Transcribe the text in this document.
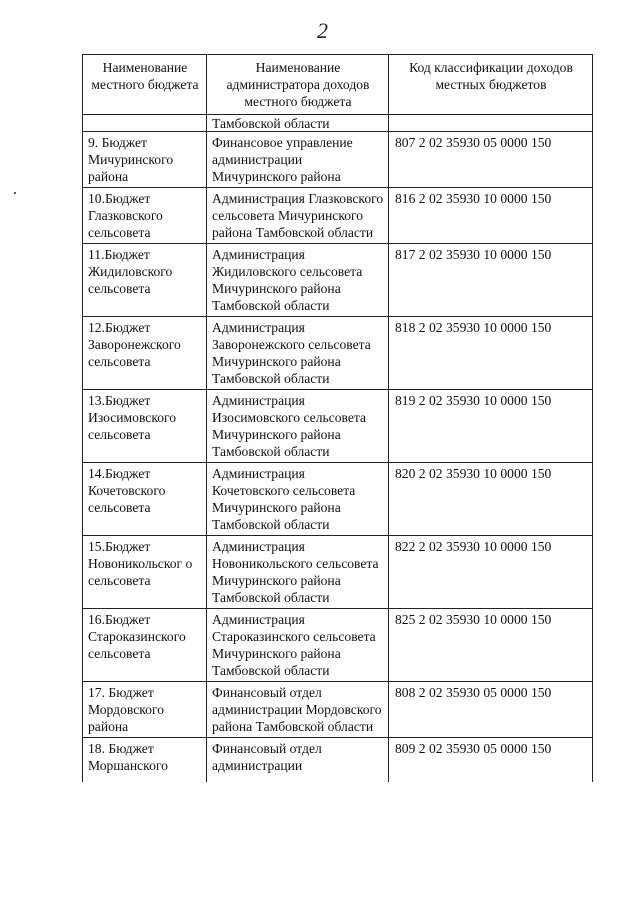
2
Наименование местного бюджета	Наименование администратора доходов местного бюджета	Код классификации доходов местных бюджетов
	Тамбовской области	
9. Бюджет Мичуринского района	Финансовое управление администрации Мичуринского района	807 2 02 35930 05 0000 150
10.Бюджет Глазковского сельсовета	Администрация Глазковского сельсовета Мичуринского района Тамбовской области	816 2 02 35930 10 0000 150
11.Бюджет Жидиловского сельсовета	Администрация Жидиловского сельсовета Мичуринского района Тамбовской области	817 2 02 35930 10 0000 150
12.Бюджет Заворонежского сельсовета	Администрация Заворонежского сельсовета Мичуринского района Тамбовской области	818 2 02 35930 10 0000 150
13.Бюджет Изосимовского сельсовета	Администрация Изосимовского сельсовета Мичуринского района Тамбовской области	819 2 02 35930 10 0000 150
14.Бюджет Кочетовского сельсовета	Администрация Кочетовского сельсовета Мичуринского района Тамбовской области	820 2 02 35930 10 0000 150
15.Бюджет Новоникольског о сельсовета	Администрация Новоникольского сельсовета Мичуринского района Тамбовской области	822 2 02 35930 10 0000 150
16.Бюджет Староказинского сельсовета	Администрация Староказинского сельсовета Мичуринского района Тамбовской области	825 2 02 35930 10 0000 150
17. Бюджет Мордовского района	Финансовый отдел администрации Мордовского района Тамбовской области	808 2 02 35930 05 0000 150
18. Бюджет Моршанского	Финансовый отдел администрации	809 2 02 35930 05 0000 150
